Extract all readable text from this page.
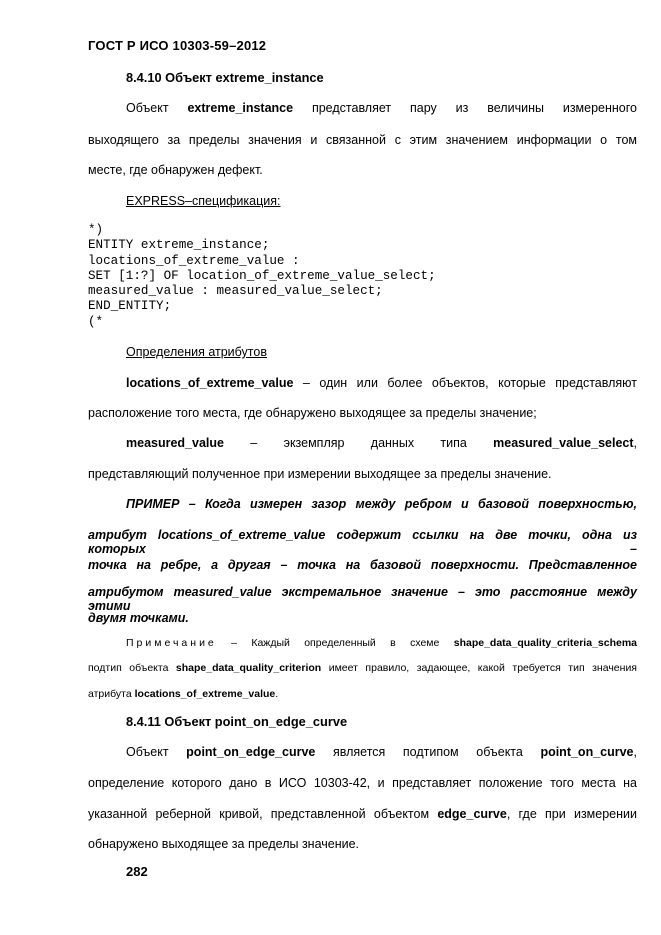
ГОСТ Р ИСО 10303-59–2012
8.4.10 Объект extreme_instance
Объект extreme_instance представляет пару из величины измеренного
выходящего за пределы значения и связанной с этим значением информации о том
месте, где обнаружен дефект.
EXPRESS–спецификация:
*)
ENTITY extreme_instance;
locations_of_extreme_value :
SET [1:?] OF location_of_extreme_value_select;
measured_value : measured_value_select;
END_ENTITY;
(*
Определения атрибутов
locations_of_extreme_value – один или более объектов, которые представляют
расположение того места, где обнаружено выходящее за пределы значение;
measured_value – экземпляр данных типа measured_value_select,
представляющий полученное при измерении выходящее за пределы значение.
ПРИМЕР – Когда измерен зазор между ребром и базовой поверхностью,
атрибут locations_of_extreme_value содержит ссылки на две точки, одна из которых –
точка на ребре, а другая – точка на базовой поверхности. Представленное
атрибутом measured_value экстремальное значение – это расстояние между этими
двумя точками.
Примечание – Каждый определенный в схеме shape_data_quality_criteria_schema
подтип объекта shape_data_quality_criterion имеет правило, задающее, какой требуется тип значения
атрибута locations_of_extreme_value.
8.4.11 Объект point_on_edge_curve
Объект point_on_edge_curve является подтипом объекта point_on_curve,
определение которого дано в ИСО 10303-42, и представляет положение того места на
указанной реберной кривой, представленной объектом edge_curve, где при измерении
обнаружено выходящее за пределы значение.
282
